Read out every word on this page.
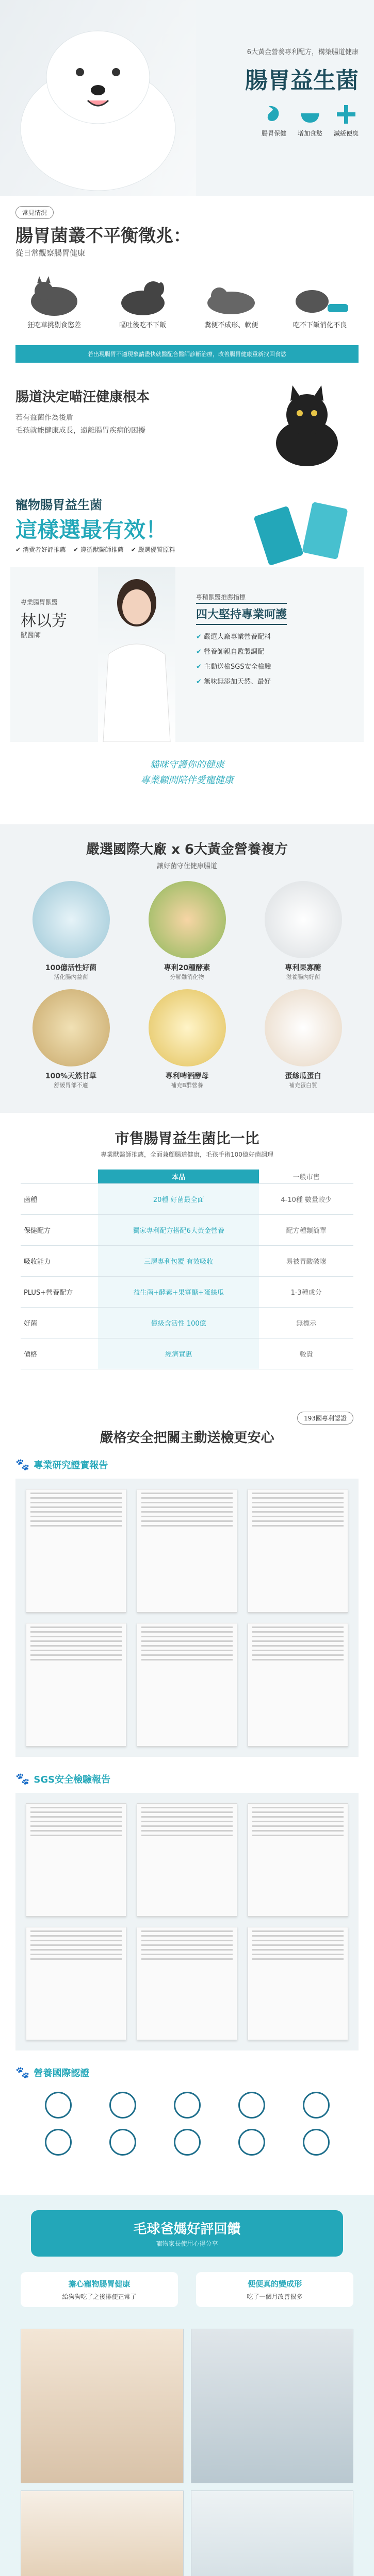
6大黃金營養專利配方，構築腸道健康
腸胃益生菌
腸胃保健 增加食慾 減緩便臭
常見情況
腸胃菌叢不平衡徵兆：
從日常觀察腸胃健康
狂吃草挑剔食慾差	嘔吐後吃不下飯	糞便不成形、軟便	吃不下飯消化不良
若出現腸胃不適現象請盡快就醫配合醫師診斷治療，改善腸胃健康重新找回食慾
腸道決定喵汪健康根本
若有益菌作為後盾
毛孩就能健康成長，遠離腸胃疾病的困擾
寵物腸胃益生菌
這樣選最有效！
✔ 消費者好評推薦 ✔ 遵循獸醫師推薦 ✔ 嚴選優質原料
專業腸胃獸醫
林以芳
獸醫師
專精獸醫推薦指標
四大堅持專業呵護
✔ 嚴選大廠專業營養配料
✔ 營養師親自監製調配
✔ 主動送檢SGS安全檢驗
✔ 無味無添加天然、最好
貓咪守護你的健康
專業顧問陪伴愛寵健康
嚴選國際大廠 x 6大黃金營養複方
讓好菌守住健康腸道
100億活性好菌
活化腸內益菌
專利20種酵素
分解難消化物
專利果寡醣
滋養腸內好菌
100%天然甘草
舒緩胃部不適
專利啤酒酵母
補充B群營養
蛋絲瓜蛋白
補充蛋白質
市售腸胃益生菌比一比
專業獸醫師推薦，全面兼顧腸道健康，毛孩手術100億好菌調理
	本品	一般市售
菌種	20種 好菌最全面	4-10種 數量較少
保健配方	獨家專利配方搭配6大黃金營養	配方種類簡單
吸收能力	三層專利包覆 有效吸收	易被胃酸破壞
PLUS+營養配方	益生菌+酵素+果寡醣+蛋絲瓜	1-3種成分
好菌	億級含活性 100億	無標示
價格	經濟實惠	較貴
193國專利認證
嚴格安全把關主動送檢更安心
🐾 專業研究證實報告
🐾 SGS安全檢驗報告
🐾 營養國際認證
毛球爸媽好評回饋
寵物家長使用心得分享
擔心寵物腸胃健康
給狗狗吃了之後排便正常了
便便真的變成形
吃了一個月改善很多
